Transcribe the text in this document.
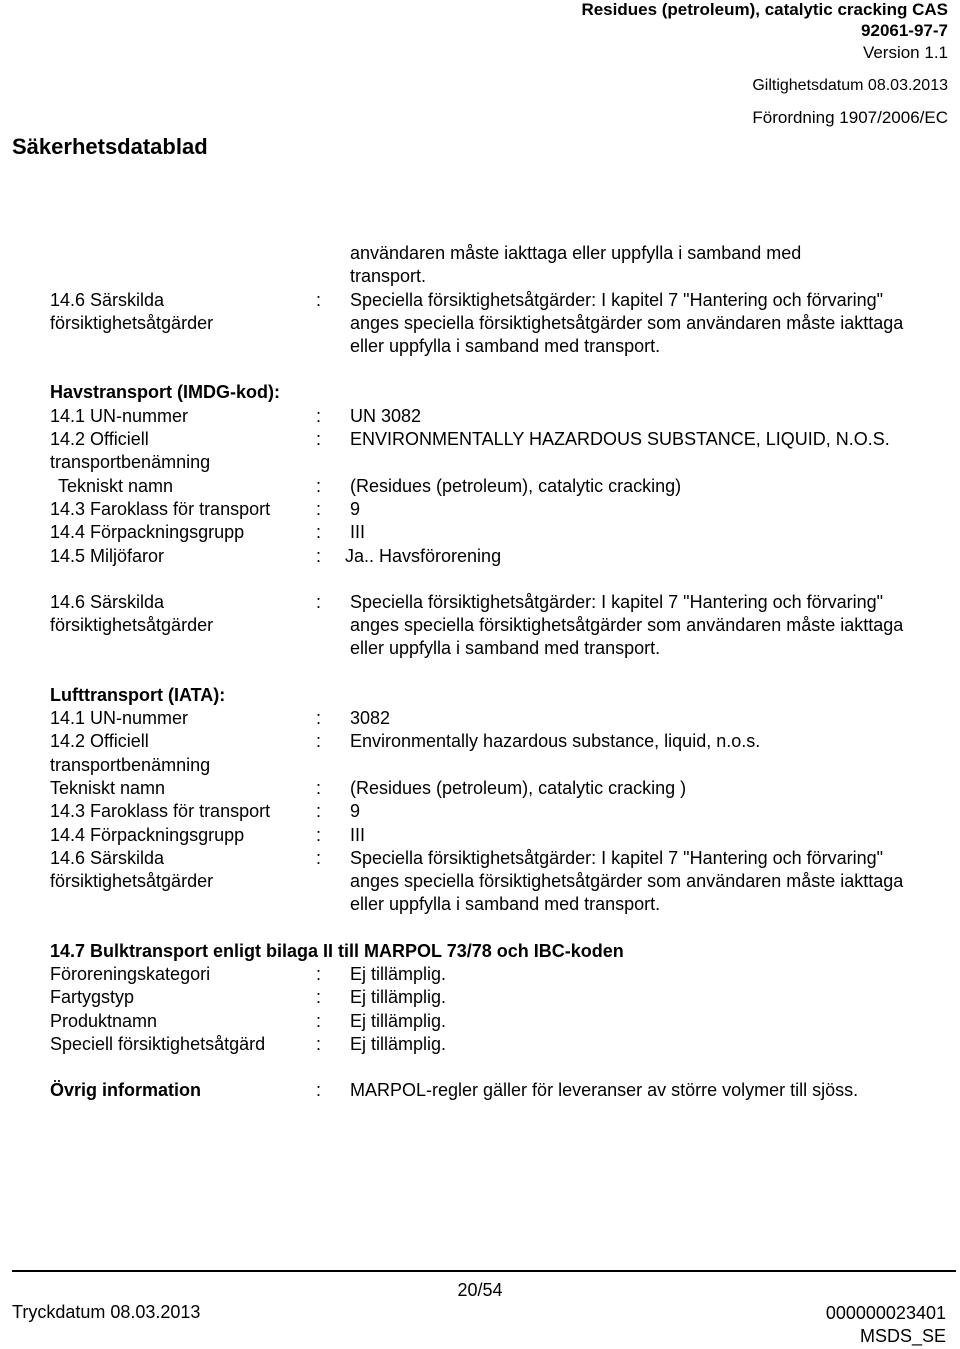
Residues (petroleum), catalytic cracking CAS
92061-97-7
Version 1.1
Giltighetsdatum 08.03.2013
Förordning 1907/2006/EC
Säkerhetsdatablad
användaren måste iakttaga eller uppfylla i samband med
transport.
14.6 Särskilda
försiktighetsåtgärder
:	Speciella försiktighetsåtgärder: I kapitel 7 "Hantering och förvaring" anges speciella försiktighetsåtgärder som användaren måste iakttaga eller uppfylla i samband med transport.
Havstransport (IMDG-kod):
14.1 UN-nummer	:	UN 3082
14.2 Officiell
transportbenämning
:	ENVIRONMENTALLY HAZARDOUS SUBSTANCE, LIQUID, N.O.S.
Tekniskt namn	:	(Residues (petroleum), catalytic cracking)
14.3 Faroklass för transport	:	9
14.4 Förpackningsgrupp	:	III
14.5 Miljöfaror	:	Ja.. Havsförorening
14.6 Särskilda
försiktighetsåtgärder
:	Speciella försiktighetsåtgärder: I kapitel 7 "Hantering och förvaring" anges speciella försiktighetsåtgärder som användaren måste iakttaga eller uppfylla i samband med transport.
Lufttransport (IATA):
14.1 UN-nummer	:	3082
14.2 Officiell
transportbenämning
:	Environmentally hazardous substance, liquid, n.o.s.
Tekniskt namn	:	(Residues (petroleum), catalytic cracking )
14.3 Faroklass för transport	:	9
14.4 Förpackningsgrupp	:	III
14.6 Särskilda
försiktighetsåtgärder
:	Speciella försiktighetsåtgärder: I kapitel 7 "Hantering och förvaring" anges speciella försiktighetsåtgärder som användaren måste iakttaga eller uppfylla i samband med transport.
14.7 Bulktransport enligt bilaga II till MARPOL 73/78 och IBC-koden
Föroreningskategori	:	Ej tillämplig.
Fartygstyp	:	Ej tillämplig.
Produktnamn	:	Ej tillämplig.
Speciell försiktighetsåtgärd	:	Ej tillämplig.
Övrig information	:	MARPOL-regler gäller för leveranser av större volymer till sjöss.
20/54
Tryckdatum 08.03.2013	000000023401
MSDS_SE
